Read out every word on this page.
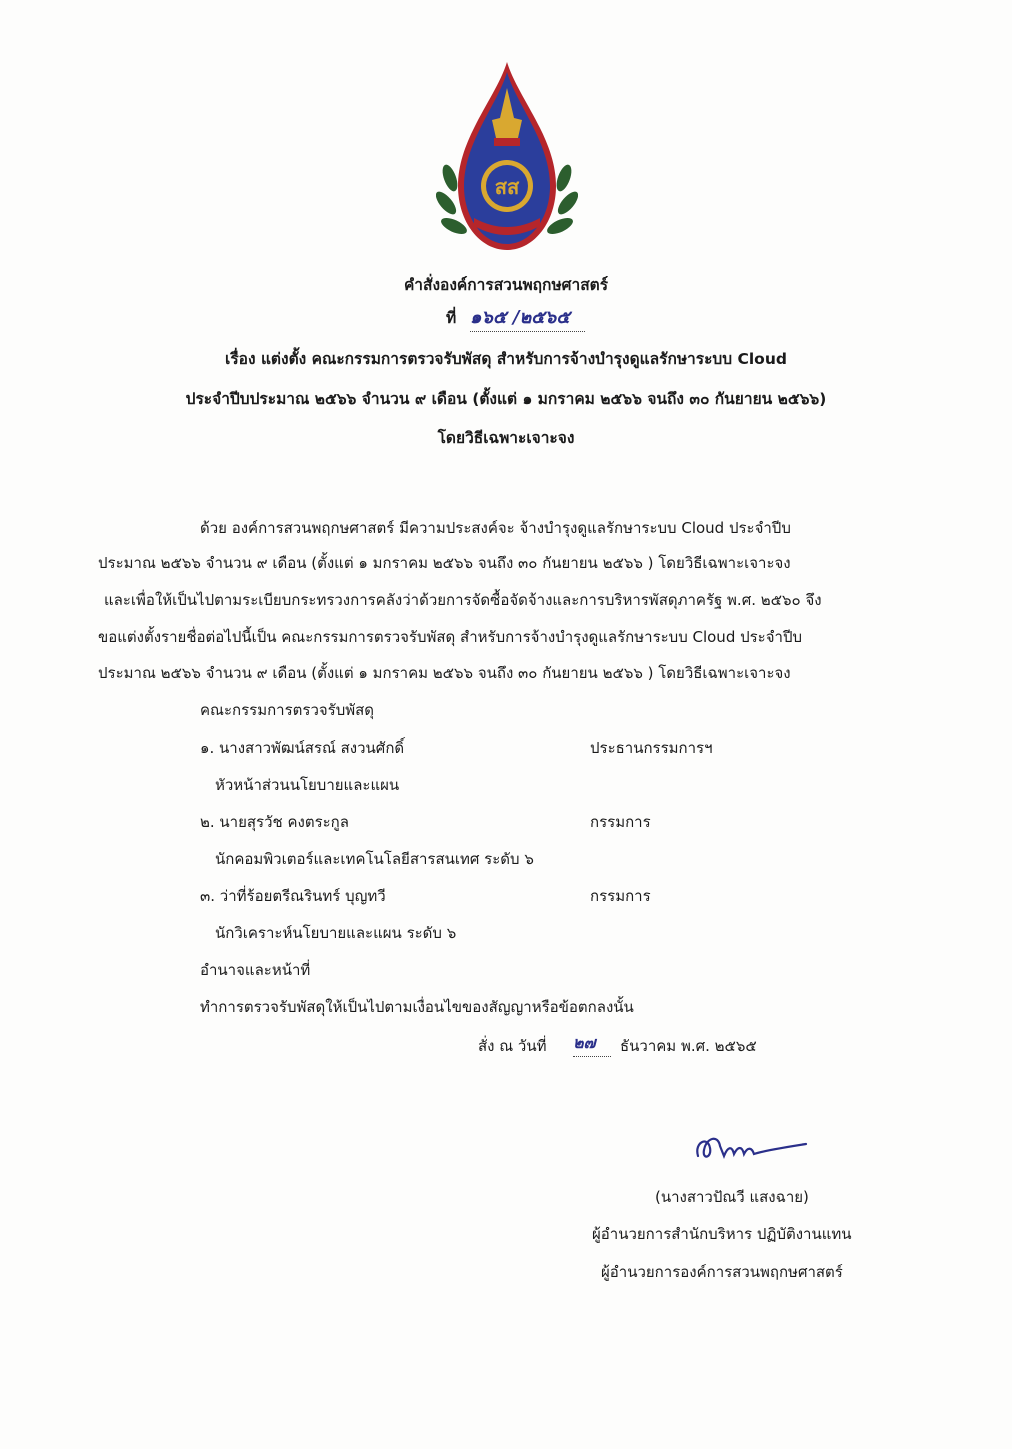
สส
คำสั่งองค์การสวนพฤกษศาสตร์
ที่ ๑๖๕ /๒๕๖๕
เรื่อง แต่งตั้ง คณะกรรมการตรวจรับพัสดุ สำหรับการจ้างบำรุงดูแลรักษาระบบ Cloud
ประจำปีบประมาณ ๒๕๖๖ จำนวน ๙ เดือน (ตั้งแต่ ๑ มกราคม ๒๕๖๖ จนถึง ๓๐ กันยายน ๒๕๖๖)
โดยวิธีเฉพาะเจาะจง
ด้วย องค์การสวนพฤกษศาสตร์ มีความประสงค์จะ จ้างบำรุงดูแลรักษาระบบ Cloud ประจำปีบ
ประมาณ ๒๕๖๖ จำนวน ๙ เดือน (ตั้งแต่ ๑ มกราคม ๒๕๖๖ จนถึง ๓๐ กันยายน ๒๕๖๖ ) โดยวิธีเฉพาะเจาะจง
และเพื่อให้เป็นไปตามระเบียบกระทรวงการคลังว่าด้วยการจัดซื้อจัดจ้างและการบริหารพัสดุภาครัฐ พ.ศ. ๒๕๖๐ จึง
ขอแต่งตั้งรายชื่อต่อไปนี้เป็น คณะกรรมการตรวจรับพัสดุ สำหรับการจ้างบำรุงดูแลรักษาระบบ Cloud ประจำปีบ
ประมาณ ๒๕๖๖ จำนวน ๙ เดือน (ตั้งแต่ ๑ มกราคม ๒๕๖๖ จนถึง ๓๐ กันยายน ๒๕๖๖ ) โดยวิธีเฉพาะเจาะจง
คณะกรรมการตรวจรับพัสดุ
๑. นางสาวพัฒน์สรณ์ สงวนศักดิ์	ประธานกรรมการฯ
หัวหน้าส่วนนโยบายและแผน
๒. นายสุรวัช คงตระกูล	กรรมการ
นักคอมพิวเตอร์และเทคโนโลยีสารสนเทศ ระดับ ๖
๓. ว่าที่ร้อยตรีณรินทร์ บุญทวี	กรรมการ
นักวิเคราะห์นโยบายและแผน ระดับ ๖
อำนาจและหน้าที่
ทำการตรวจรับพัสดุให้เป็นไปตามเงื่อนไขของสัญญาหรือข้อตกลงนั้น
สั่ง ณ วันที่ ๒๗	ธันวาคม พ.ศ. ๒๕๖๕
(นางสาวปัณวี แสงฉาย)
ผู้อำนวยการสำนักบริหาร ปฏิบัติงานแทน
ผู้อำนวยการองค์การสวนพฤกษศาสตร์
